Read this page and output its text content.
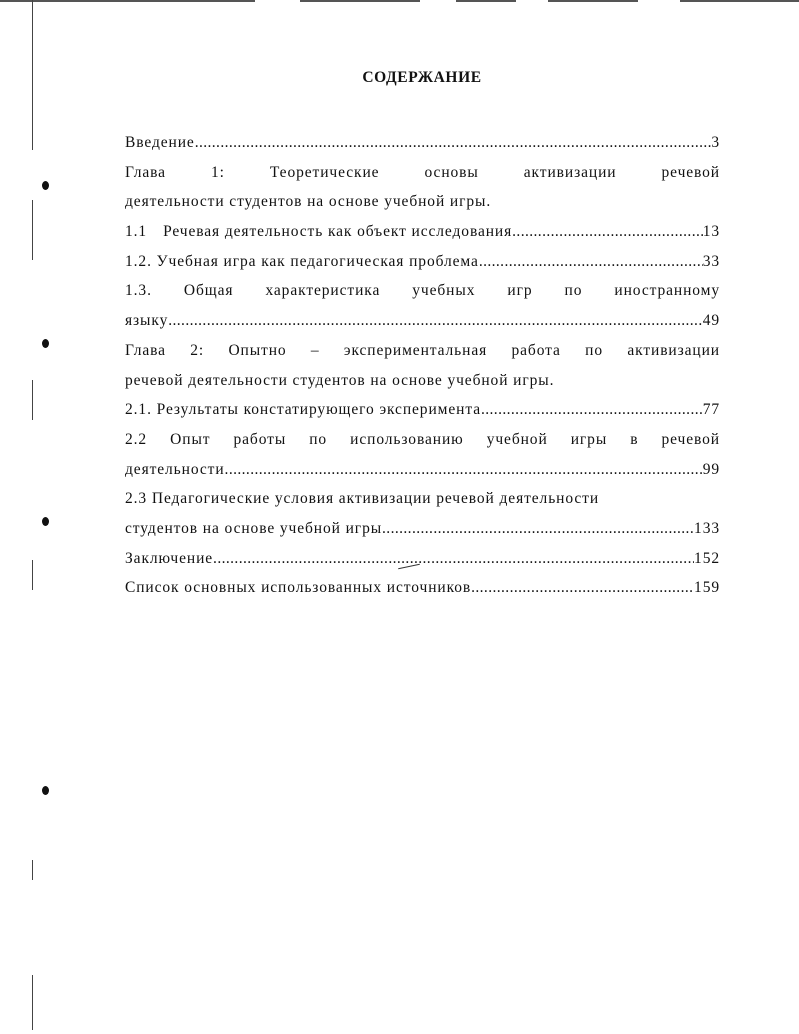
СОДЕРЖАНИЕ
Введение .....	3
Глава 1: Теоретические основы активизации речевой
деятельности студентов на основе учебной игры.
1.1 Речевая деятельность как объект исследования .....	13
1.2. Учебная игра как педагогическая проблема .....	33
1.3. Общая характеристика учебных игр по иностранному
языку .....	49
Глава 2: Опытно – экспериментальная работа по активизации
речевой деятельности студентов на основе учебной игры.
2.1. Результаты констатирующего эксперимента .....	77
2.2 Опыт работы по использованию учебной игры в речевой
деятельности .....	99
2.3 Педагогические условия активизации речевой деятельности
студентов на основе учебной игры .....	133
Заключение .....	152
Список основных использованных источников .....	159
